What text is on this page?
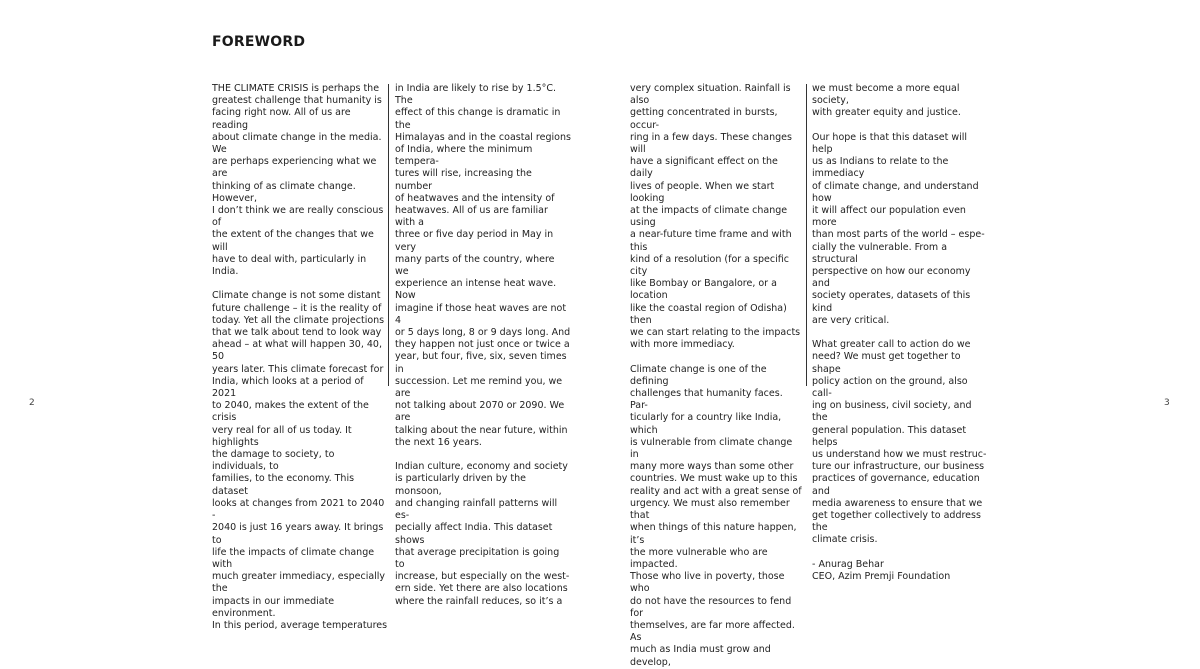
FOREWORD

THE CLIMATE CRISIS is perhaps the
greatest challenge that humanity is
facing right now. All of us are reading
about climate change in the media. We
are perhaps experiencing what we are
thinking of as climate change. However,
I don’t think we are really conscious of
the extent of the changes that we will
have to deal with, particularly in India.

Climate change is not some distant
future challenge – it is the reality of
today. Yet all the climate projections
that we talk about tend to look way
ahead – at what will happen 30, 40, 50
years later. This climate forecast for
India, which looks at a period of 2021
to 2040, makes the extent of the crisis
very real for all of us today. It highlights
the damage to society, to individuals, to
families, to the economy. This dataset
looks at changes from 2021 to 2040 -
2040 is just 16 years away. It brings to
life the impacts of climate change with
much greater immediacy, especially the
impacts in our immediate environment.
In this period, average temperatures

in India are likely to rise by 1.5°C. The
effect of this change is dramatic in the
Himalayas and in the coastal regions
of India, where the minimum tempera-
tures will rise, increasing the number
of heatwaves and the intensity of
heatwaves. All of us are familiar with a
three or five day period in May in very
many parts of the country, where we
experience an intense heat wave. Now
imagine if those heat waves are not 4
or 5 days long, 8 or 9 days long. And
they happen not just once or twice a
year, but four, five, six, seven times in
succession. Let me remind you, we are
not talking about 2070 or 2090. We are
talking about the near future, within
the next 16 years.

Indian culture, economy and society
is particularly driven by the monsoon,
and changing rainfall patterns will es-
pecially affect India. This dataset shows
that average precipitation is going to
increase, but especially on the west-
ern side. Yet there are also locations
where the rainfall reduces, so it’s a

very complex situation. Rainfall is also
getting concentrated in bursts, occur-
ring in a few days. These changes will
have a significant effect on the daily
lives of people. When we start looking
at the impacts of climate change using
a near-future time frame and with this
kind of a resolution (for a specific city
like Bombay or Bangalore, or a location
like the coastal region of Odisha) then
we can start relating to the impacts
with more immediacy.

Climate change is one of the defining
challenges that humanity faces. Par-
ticularly for a country like India, which
is vulnerable from climate change in
many more ways than some other
countries. We must wake up to this
reality and act with a great sense of
urgency. We must also remember that
when things of this nature happen, it’s
the more vulnerable who are impacted.
Those who live in poverty, those who
do not have the resources to fend for
themselves, are far more affected. As
much as India must grow and develop,

we must become a more equal society,
with greater equity and justice.

Our hope is that this dataset will help
us as Indians to relate to the immediacy
of climate change, and understand how
it will affect our population even more
than most parts of the world – espe-
cially the vulnerable. From a structural
perspective on how our economy and
society operates, datasets of this kind
are very critical.

What greater call to action do we
need? We must get together to shape
policy action on the ground, also call-
ing on business, civil society, and the
general population. This dataset helps
us understand how we must restruc-
ture our infrastructure, our business
practices of governance, education and
media awareness to ensure that we
get together collectively to address the
climate crisis.

- Anurag Behar
CEO, Azim Premji Foundation

2	3
